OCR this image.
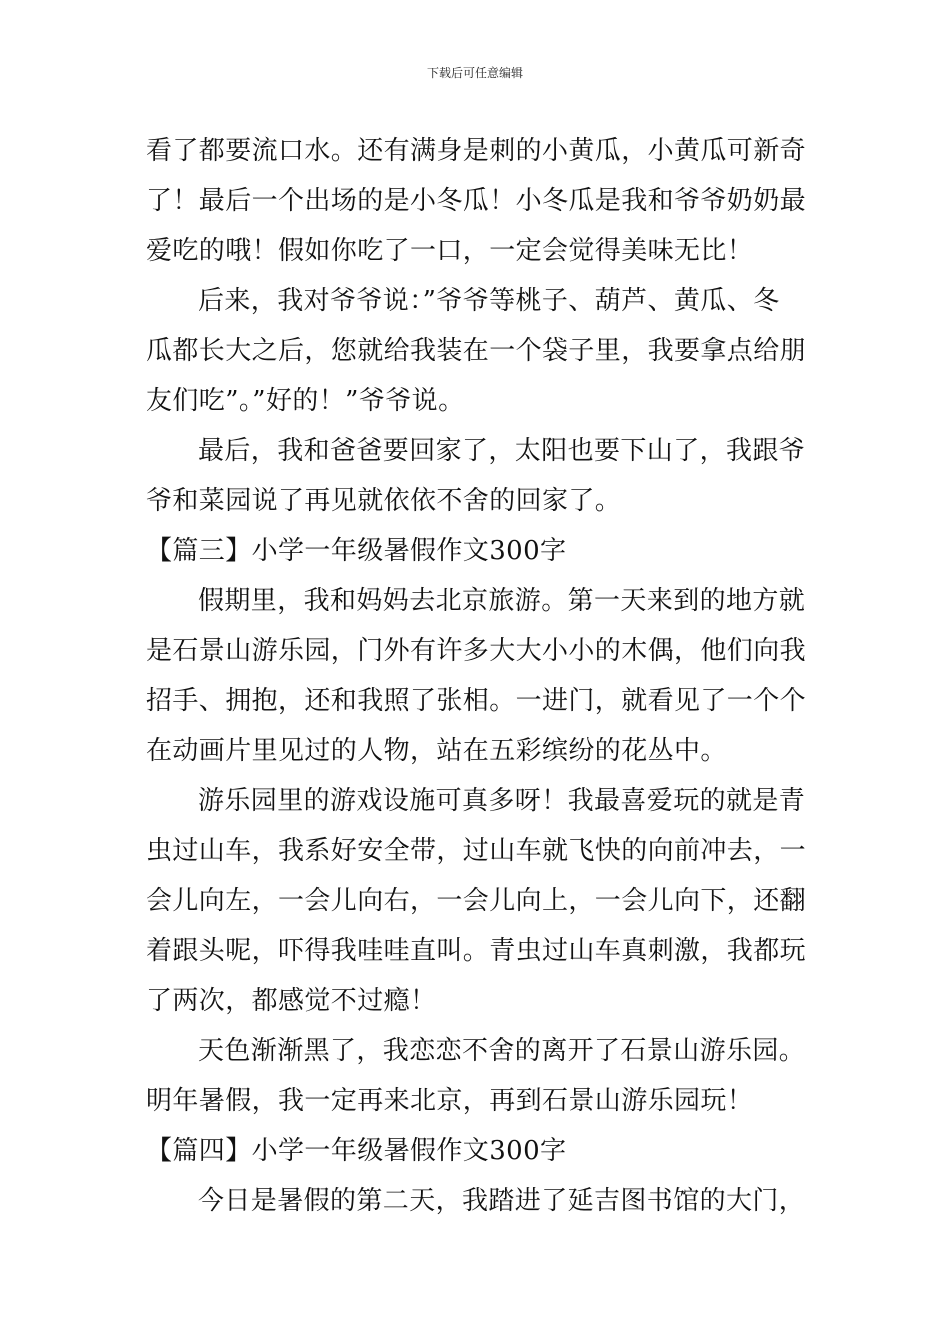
下载后可任意编辑
看了都要流口水。还有满身是刺的小黄瓜，小黄瓜可新奇
了！最后一个出场的是小冬瓜！小冬瓜是我和爷爷奶奶最
爱吃的哦！假如你吃了一口，一定会觉得美味无比！
后来，我对爷爷说：”爷爷等桃子、葫芦、黄瓜、冬
瓜都长大之后，您就给我装在一个袋子里，我要拿点给朋
友们吃”。”好的！”爷爷说。
最后，我和爸爸要回家了，太阳也要下山了，我跟爷
爷和菜园说了再见就依依不舍的回家了。
【篇三】小学一年级暑假作文300字
假期里，我和妈妈去北京旅游。第一天来到的地方就
是石景山游乐园，门外有许多大大小小的木偶，他们向我
招手、拥抱，还和我照了张相。一进门，就看见了一个个
在动画片里见过的人物，站在五彩缤纷的花丛中。
游乐园里的游戏设施可真多呀！我最喜爱玩的就是青
虫过山车，我系好安全带，过山车就飞快的向前冲去，一
会儿向左，一会儿向右，一会儿向上，一会儿向下，还翻
着跟头呢，吓得我哇哇直叫。青虫过山车真刺激，我都玩
了两次，都感觉不过瘾！
天色渐渐黑了，我恋恋不舍的离开了石景山游乐园。
明年暑假，我一定再来北京，再到石景山游乐园玩！
【篇四】小学一年级暑假作文300字
今日是暑假的第二天，我踏进了延吉图书馆的大门，
